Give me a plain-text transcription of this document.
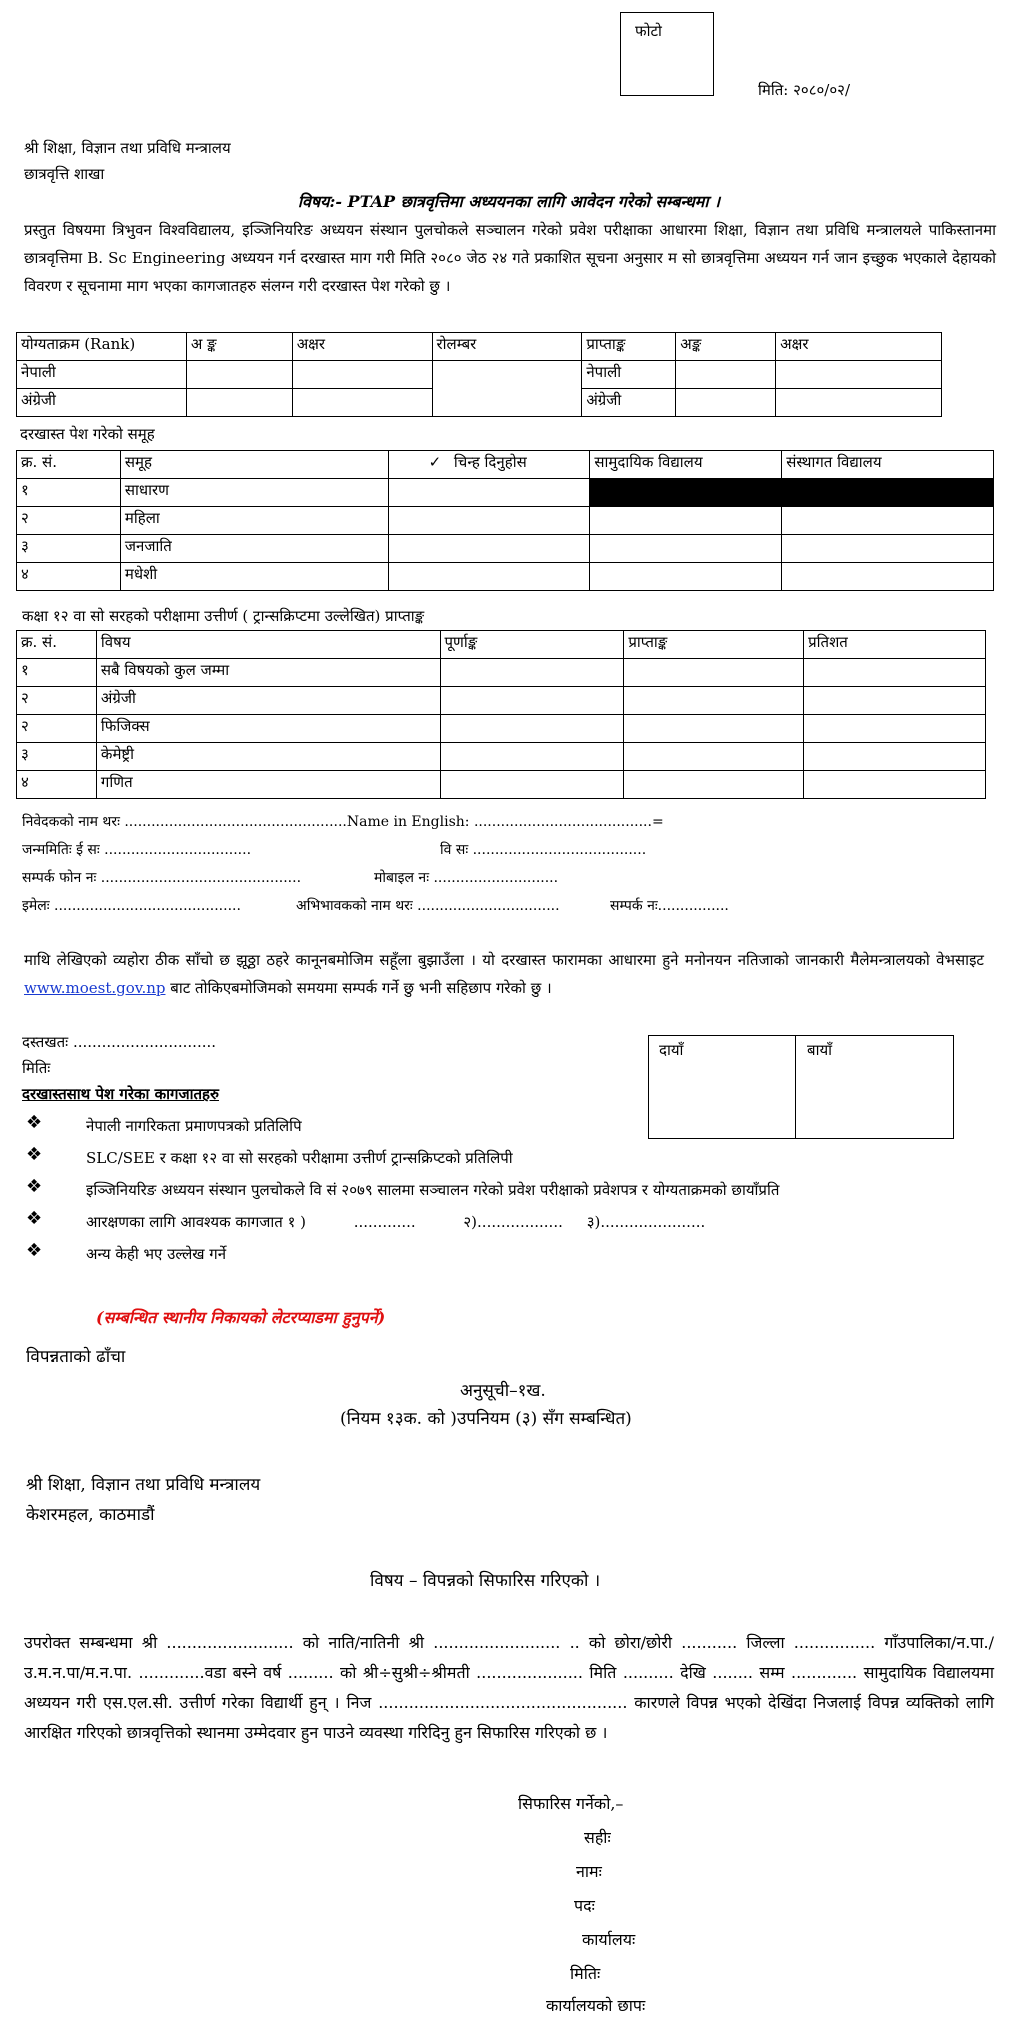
फोटो
मिति: २०८०/०२/
श्री शिक्षा, विज्ञान तथा प्रविधि मन्त्रालय
छात्रवृत्ति शाखा
विषय:- PTAP छात्रवृत्तिमा अध्ययनका लागि आवेदन गरेको सम्बन्धमा ।
प्रस्तुत विषयमा त्रिभुवन विश्वविद्यालय, इञ्जिनियरिङ अध्ययन संस्थान पुलचोकले सञ्चालन गरेको प्रवेश परीक्षाका आधारमा शिक्षा, विज्ञान तथा प्रविधि मन्त्रालयले पाकिस्तानमा छात्रवृत्तिमा B. Sc Engineering अध्ययन गर्न दरखास्त माग गरी मिति २०८० जेठ २४ गते प्रकाशित सूचना अनुसार म सो छात्रवृत्तिमा अध्ययन गर्न जान इच्छुक भएकाले देहायको विवरण र सूचनामा माग भएका कागजातहरु संलग्न गरी दरखास्त पेश गरेको छु ।
योग्यताक्रम (Rank)	अ ङ्क	अक्षर	रोलम्बर	प्राप्ताङ्क	अङ्क	अक्षर
नेपाली				नेपाली		
अंग्रेजी				अंग्रेजी		
दरखास्त पेश गरेको समूह
क्र. सं.	समूह	✓ चिन्ह दिनुहोस	सामुदायिक विद्यालय	संस्थागत विद्यालय
१	साधारण			
२	महिला			
३	जनजाति			
४	मधेशी			
कक्षा १२ वा सो सरहको परीक्षामा उत्तीर्ण ( ट्रान्सक्रिप्टमा उल्लेखित) प्राप्ताङ्क
क्र. सं.	विषय	पूर्णाङ्क	प्राप्ताङ्क	प्रतिशत
१	सबै विषयको कुल जम्मा			
२	अंग्रेजी			
२	फिजिक्स			
३	केमेष्ट्री			
४	गणित			
निवेदकको नाम थरः ..................................................Name in English: ........................................=
जन्ममितिः ई सः .................................	वि सः .......................................
सम्पर्क फोन नः .............................................	मोबाइल नः ............................
इमेलः ..........................................	अभिभावकको नाम थरः ................................	सम्पर्क नः................
माथि लेखिएको व्यहोरा ठीक साँचो छ झूठ्ठा ठहरे कानूनबमोजिम सहूँला बुझाउँला । यो दरखास्त फारामका आधारमा हुने मनोनयन नतिजाको जानकारी मैलेमन्त्रालयको वेभसाइट www.moest.gov.np बाट तोकिएबमोजिमको समयमा सम्पर्क गर्ने छु भनी सहिछाप गरेको छु ।
दस्तखतः ..............................
मितिः
दायाँ	बायाँ
दरखास्तसाथ पेश गरेका कागजातहरु
❖	नेपाली नागरिकता प्रमाणपत्रको प्रतिलिपि
❖	SLC/SEE र कक्षा १२ वा सो सरहको परीक्षामा उत्तीर्ण ट्रान्सक्रिप्टको प्रतिलिपी
❖	इञ्जिनियरिङ अध्ययन संस्थान पुलचोकले वि सं २०७९ सालमा सञ्चालन गरेको प्रवेश परीक्षाको प्रवेशपत्र र योग्यताक्रमको छायाँप्रति
❖	आरक्षणका लागि आवश्यक कागजात १ )          .............          २)..................     ३)......................
❖	अन्य केही भए उल्लेख गर्ने
(सम्बन्धित स्थानीय निकायको लेटरप्याडमा हुनुपर्ने)
विपन्नताको ढाँचा
अनुसूची–१ख.
(नियम १३क. को )उपनियम (३) सँग सम्बन्धित)
श्री शिक्षा, विज्ञान तथा प्रविधि मन्त्रालय
केशरमहल, काठमाडौं
विषय – विपन्नको सिफारिस गरिएको ।
उपरोक्त सम्बन्धमा श्री ......................... को नाति/नातिनी श्री ......................... .. को छोरा/छोरी ........... जिल्ला ................ गाँउपालिका/न.पा./उ.म.न.पा/म.न.पा. .............वडा बस्ने वर्ष ......... को श्री÷सुश्री÷श्रीमती ..................... मिति .......... देखि ........ सम्म ............. सामुदायिक विद्यालयमा अध्ययन गरी एस.एल.सी. उत्तीर्ण गरेका विद्यार्थी हुन् । निज ................................................. कारणले विपन्न भएको देखिंदा निजलाई विपन्न व्यक्तिको लागि आरक्षित गरिएको छात्रवृत्तिको स्थानमा उम्मेदवार हुन पाउने व्यवस्था गरिदिनु हुन सिफारिस गरिएको छ ।
सिफारिस गर्नेको,–
सहीः
नामः
पदः
कार्यालयः
मितिः
कार्यालयको छापः
